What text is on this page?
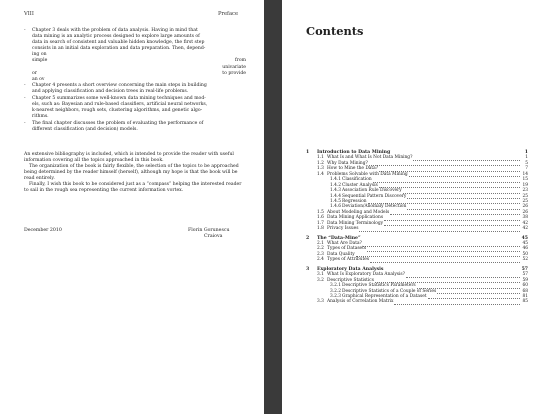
VIII	Preface
- Chapter 3 deals with the problem of data analysis. Having in mind that
data mining is an analytic process designed to explore large amounts of
data in search of consistent and valuable hidden knowledge, the first step
consists in an initial data exploration and data preparation. Then, depend-
ing on
simple	from
univariate
or	to provide
an ov
- Chapter 4 presents a short overview concerning the main steps in building
and applying classification and decision trees in real-life problems.
- Chapter 5 summarizes some well-known data mining techniques and mod-
els, such as: Bayesian and rule-based classifiers, artificial neural networks,
k-nearest neighbors, rough sets, clustering algorithms, and genetic algo-
rithms.
- The final chapter discusses the problem of evaluating the performance of
different classification (and decision) models.

An extensive bibliography is included, which is intended to provide the reader with useful information covering all the topics approached in this book.

The organization of the book is fairly flexible, the selection of the topics to be approached being determined by the reader himself (herself), although my hope is that the book will be read entirely.

Finally, I wish this book to be considered just as a “compass” helping the interested reader to sail in the rough sea representing the current information vortex.

December 2010	Florin Gorunescu
Craiova
Contents
1 Introduction to Data Mining	1
1.1 What Is and What Is Not Data Mining?	1
1.2 Why Data Mining?	5
1.3 How to Mine the Data?	7
1.4 Problems Solvable with Data Mining	14
1.4.1 Classification	15
1.4.2 Cluster Analysis	19
1.4.3 Association Rule Discovery	23
1.4.4 Sequential Pattern Discovery	25
1.4.5 Regression	25
1.4.6 Deviation/Anomaly Detection	26
1.5 About Modeling and Models	26
1.6 Data Mining Applications	38
1.7 Data Mining Terminology	42
1.8 Privacy Issues	42
2 The “Data-Mine”	45
2.1 What Are Data?	45
2.2 Types of Datasets	46
2.3 Data Quality	50
2.4 Types of Attributes	52
3 Exploratory Data Analysis	57
3.1 What Is Exploratory Data Analysis?	57
3.2 Descriptive Statistics	59
3.2.1 Descriptive Statistics Parameters	60
3.2.2 Descriptive Statistics of a Couple of Series	68
3.2.3 Graphical Representation of a Dataset	81
3.3 Analysis of Correlation Matrix	85
